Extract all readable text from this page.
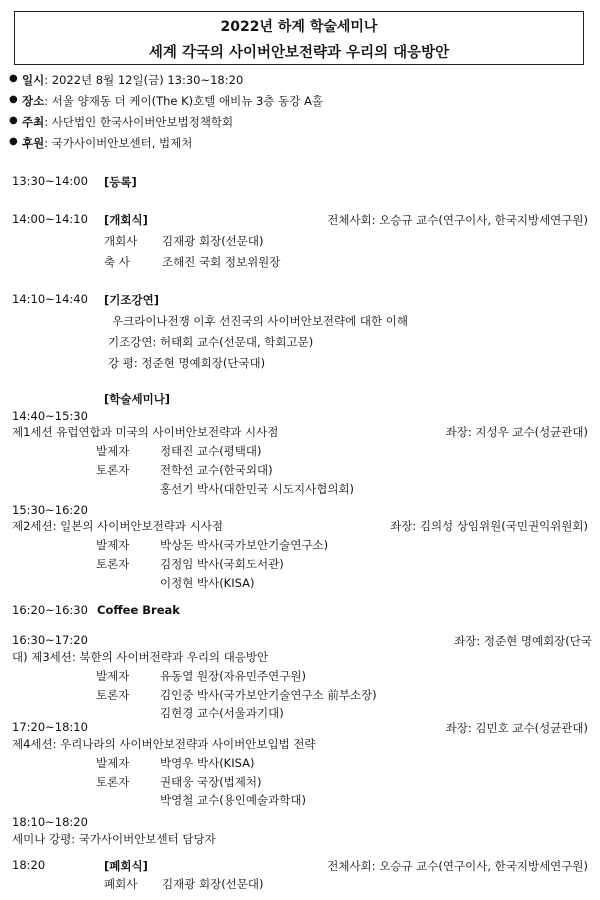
2022년 하계 학술세미나
세계 각국의 사이버안보전략과 우리의 대응방안
● 일시: 2022년 8월 12일(금) 13:30~18:20
● 장소: 서울 양재동 더 케이(The K)호텔 애비뉴 3층 동강 A홀
● 주최: 사단법인 한국사이버안보법정책학회
● 후원: 국가사이버안보센터, 법제처
13:30~14:00 [등록]
14:00~14:10 [개회식]	전체사회: 오승규 교수(연구이사, 한국지방세연구원)
개회사 김재광 회장(선문대)
축 사	조해진 국회 정보위원장
14:10~14:40 [기조강연]
우크라이나전쟁 이후 선진국의 사이버안보전략에 대한 이해
기조강연: 허태회 교수(선문대, 학회고문)
강 평: 정준현 명예회장(단국대)
[학술세미나]
14:40~15:30
제1세션 유럽연합과 미국의 사이버안보전략과 시사점	좌장: 지성우 교수(성균관대)
발제자	정태진 교수(평택대)
토론자	전학선 교수(한국외대)
홍선기 박사(대한민국 시도지사협의회)
15:30~16:20
제2세션: 일본의 사이버안보전략과 시사점	좌장: 김의성 상임위원(국민권익위원회)
발제자	박상돈 박사(국가보안기술연구소)
토론자	김정임 박사(국회도서관)
이정현 박사(KISA)
16:20~16:30 Coffee Break
16:30~17:20	좌장: 정준현 명예회장(단국
대) 제3세션: 북한의 사이버전략과 우리의 대응방안
발제자	유동열 원장(자유민주연구원)
토론자	김인중 박사(국가보안기술연구소 前부소장)
김현경 교수(서울과기대)
17:20~18:10	좌장: 김민호 교수(성균관대)
제4세션: 우리나라의 사이버안보전략과 사이버안보입법 전략
발제자	박영우 박사(KISA)
토론자	권태웅 국장(법제처)
박영철 교수(용인예술과학대)
18:10~18:20
세미나 강평: 국가사이버안보센터 담당자
18:20	[폐회식]	전체사회: 오승규 교수(연구이사, 한국지방세연구원)
폐회사 김재광 회장(선문대)
